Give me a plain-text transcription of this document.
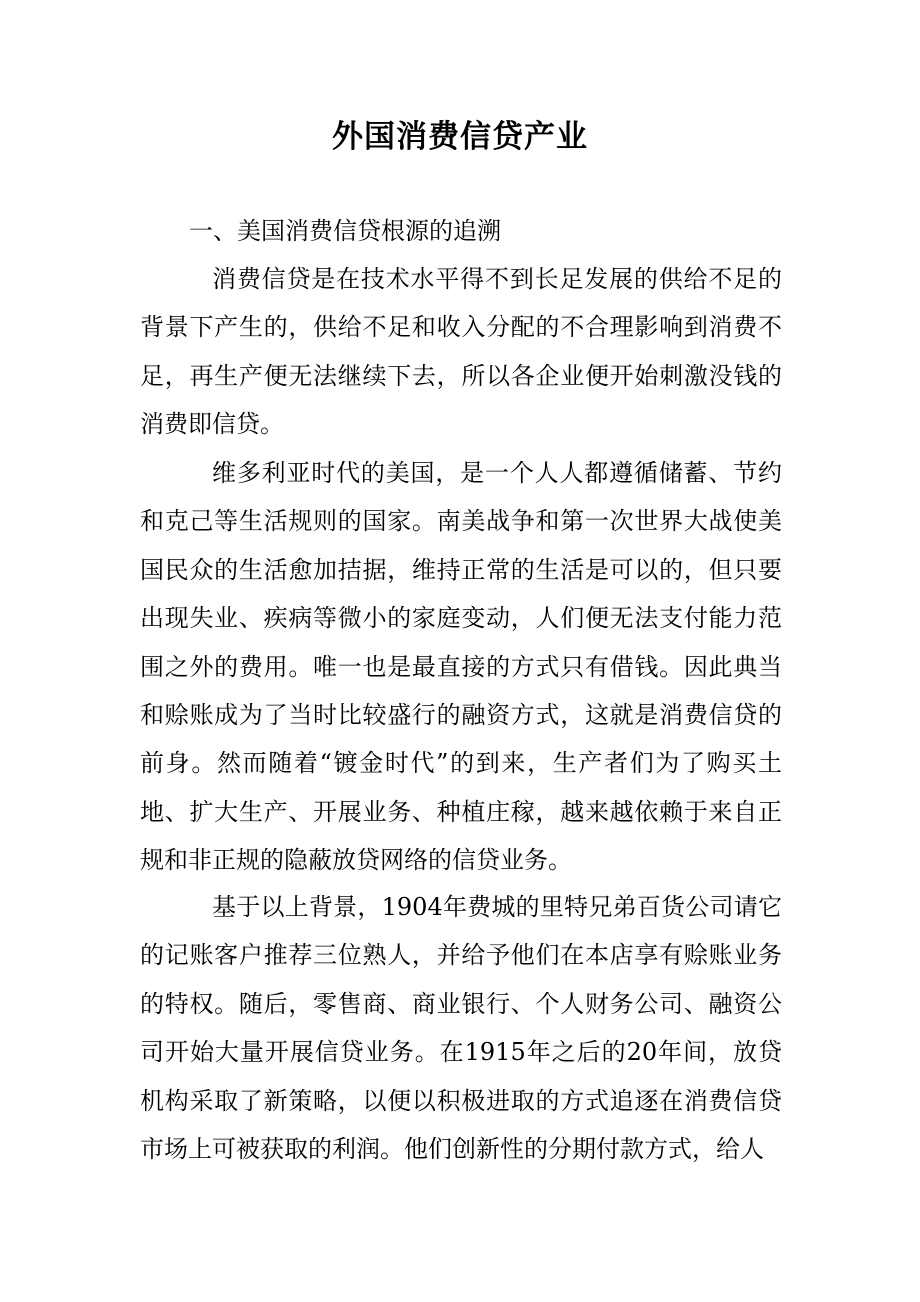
外国消费信贷产业
一、美国消费信贷根源的追溯

消费信贷是在技术水平得不到长足发展的供给不足的背景下产生的，供给不足和收入分配的不合理影响到消费不足，再生产便无法继续下去，所以各企业便开始刺激没钱的消费即信贷。

维多利亚时代的美国，是一个人人都遵循储蓄、节约和克己等生活规则的国家。南美战争和第一次世界大战使美国民众的生活愈加拮据，维持正常的生活是可以的，但只要出现失业、疾病等微小的家庭变动，人们便无法支付能力范围之外的费用。唯一也是最直接的方式只有借钱。因此典当和赊账成为了当时比较盛行的融资方式，这就是消费信贷的前身。然而随着“镀金时代”的到来，生产者们为了购买土地、扩大生产、开展业务、种植庄稼，越来越依赖于来自正规和非正规的隐蔽放贷网络的信贷业务。

基于以上背景，1904年费城的里特兄弟百货公司请它的记账客户推荐三位熟人，并给予他们在本店享有赊账业务的特权。随后，零售商、商业银行、个人财务公司、融资公司开始大量开展信贷业务。在1915年之后的20年间，放贷机构采取了新策略，以便以积极进取的方式追逐在消费信贷市场上可被获取的利润。他们创新性的分期付款方式，给人
